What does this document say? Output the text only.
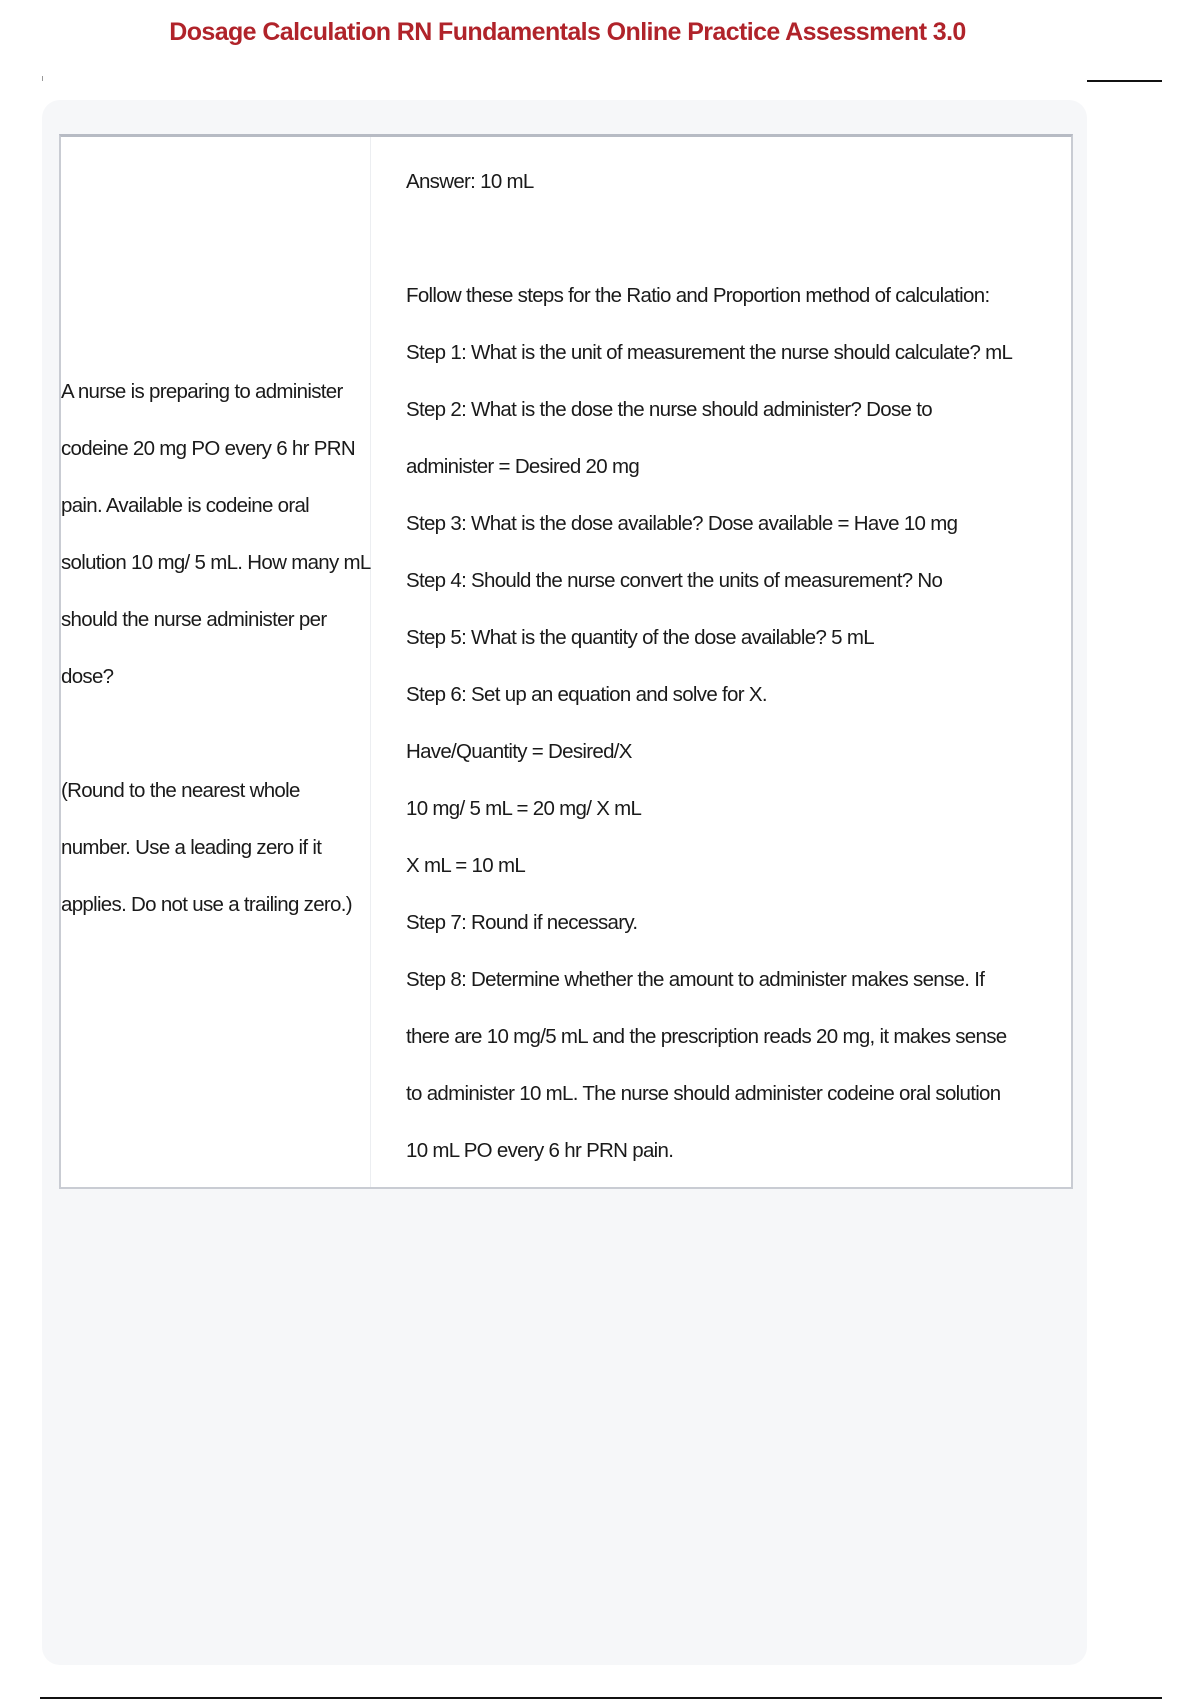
Dosage Calculation RN Fundamentals Online Practice Assessment 3.0

A nurse is preparing to administer codeine 20 mg PO every 6 hr PRN pain. Available is codeine oral solution 10 mg/ 5 mL. How many mL should the nurse administer per dose?

(Round to the nearest whole number. Use a leading zero if it applies. Do not use a trailing zero.)

Answer: 10 mL

Follow these steps for the Ratio and Proportion method of calculation:

Step 1: What is the unit of measurement the nurse should calculate? mL

Step 2: What is the dose the nurse should administer? Dose to

administer = Desired 20 mg

Step 3: What is the dose available? Dose available = Have 10 mg

Step 4: Should the nurse convert the units of measurement? No

Step 5: What is the quantity of the dose available? 5 mL

Step 6: Set up an equation and solve for X.

Have/Quantity = Desired/X

10 mg/ 5 mL = 20 mg/ X mL

X mL = 10 mL

Step 7: Round if necessary.

Step 8: Determine whether the amount to administer makes sense. If

there are 10 mg/5 mL and the prescription reads 20 mg, it makes sense

to administer 10 mL. The nurse should administer codeine oral solution

10 mL PO every 6 hr PRN pain.
